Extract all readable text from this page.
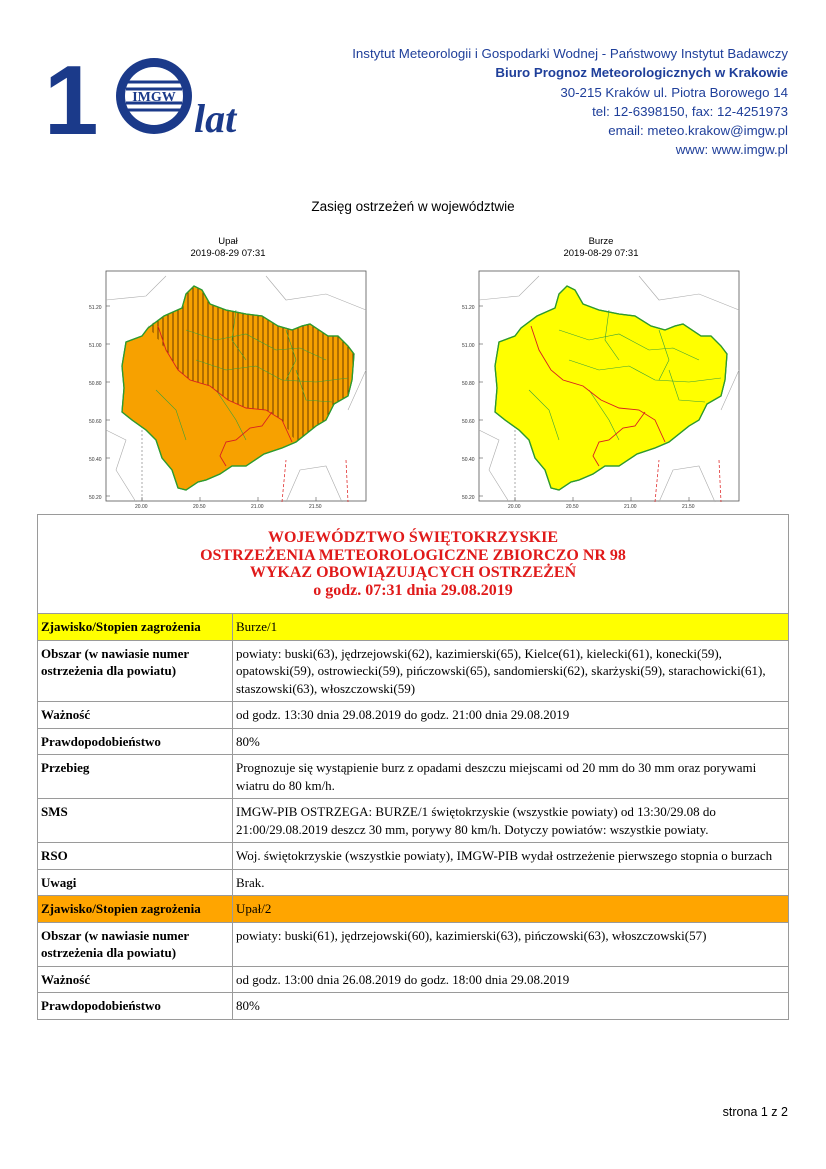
1	IMGW lat
Instytut Meteorologii i Gospodarki Wodnej - Państwowy Instytut Badawczy
Biuro Prognoz Meteorologicznych w Krakowie
30-215 Kraków ul. Piotra Borowego 14
tel: 12-6398150, fax: 12-4251973
email: meteo.krakow@imgw.pl
www: www.imgw.pl
Zasięg ostrzeżeń w województwie
Upał
2019-08-29 07:31
51.20
51.00
50.80
50.60
50.40
50.20
20.00	20.50	21.00	21.50
Burze
2019-08-29 07:31
51.20
51.00
50.80
50.60
50.40
50.20
20.00	20.50	21.00	21.50
WOJEWÓDZTWO ŚWIĘTOKRZYSKIE
OSTRZEŻENIA METEOROLOGICZNE ZBIORCZO NR 98
WYKAZ OBOWIĄZUJĄCYCH OSTRZEŻEŃ
o godz. 07:31 dnia 29.08.2019	

Zjawisko/Stopien zagrożenia	Burze/1
Obszar (w nawiasie numer ostrzeżenia dla powiatu)	powiaty: buski(63), jędrzejowski(62), kazimierski(65), Kielce(61), kielecki(61), konecki(59), opatowski(59), ostrowiecki(59), pińczowski(65), sandomierski(62), skarżyski(59), starachowicki(61), staszowski(63), włoszczowski(59)
Ważność	od godz. 13:30 dnia 29.08.2019 do godz. 21:00 dnia 29.08.2019
Prawdopodobieństwo	80%
Przebieg	Prognozuje się wystąpienie burz z opadami deszczu miejscami od 20 mm do 30 mm oraz porywami wiatru do 80 km/h.
SMS	IMGW-PIB OSTRZEGA: BURZE/1 świętokrzyskie (wszystkie powiaty) od 13:30/29.08 do 21:00/29.08.2019 deszcz 30 mm, porywy 80 km/h. Dotyczy powiatów: wszystkie powiaty.
RSO	Woj. świętokrzyskie (wszystkie powiaty), IMGW-PIB wydał ostrzeżenie pierwszego stopnia o burzach
Uwagi	Brak.
Zjawisko/Stopien zagrożenia	Upał/2
Obszar (w nawiasie numer ostrzeżenia dla powiatu)	powiaty: buski(61), jędrzejowski(60), kazimierski(63), pińczowski(63), włoszczowski(57)
Ważność	od godz. 13:00 dnia 26.08.2019 do godz. 18:00 dnia 29.08.2019
Prawdopodobieństwo	80%
strona 1 z 2
